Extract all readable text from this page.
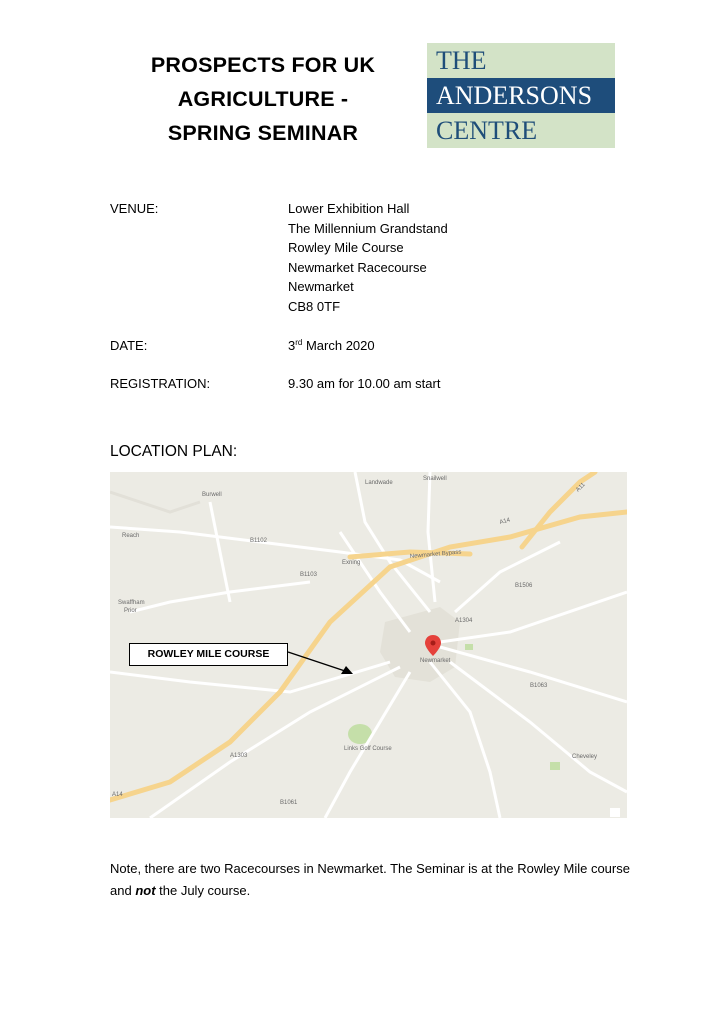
PROSPECTS FOR UK
AGRICULTURE -
SPRING SEMINAR
THE
ANDERSONS
CENTRE
VENUE:	Lower Exhibition Hall
The Millennium Grandstand
Rowley Mile Course
Newmarket Racecourse
Newmarket
CB8 0TF
DATE:	3rd March 2020
REGISTRATION:	9.30 am for 10.00 am start
LOCATION PLAN:
Landwade
Snailwell
Burwell
Reach
Exning
Swaffham
Prior
Newmarket
Links Golf Course
Cheveley
A14
A11
A14
B1102
B1103
B1063
A1304
B1506
A1303
B1061
Newmarket Bypass
ROWLEY MILE COURSE
Note, there are two Racecourses in Newmarket. The Seminar is at the Rowley Mile course and not the July course.
